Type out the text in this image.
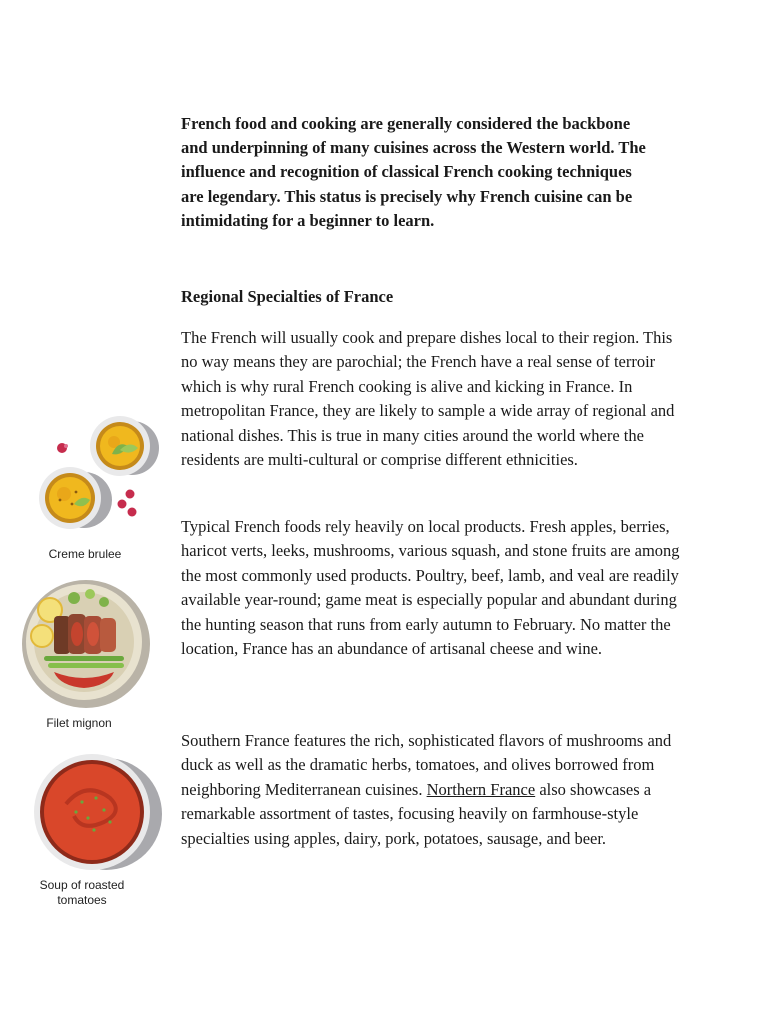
French food and cooking are generally considered the backbone and underpinning of many cuisines across the Western world. The influence and recognition of classical French cooking techniques are legendary. This status is precisely why French cuisine can be intimidating for a beginner to learn.

Regional Specialties of France

The French will usually cook and prepare dishes local to their region. This no way means they are parochial; the French have a real sense of terroir which is why rural French cooking is alive and kicking in France. In metropolitan France, they are likely to sample a wide array of regional and national dishes. This is true in many cities around the world where the residents are multi-cultural or comprise different ethnicities.

Typical French foods rely heavily on local products. Fresh apples, berries, haricot verts, leeks, mushrooms, various squash, and stone fruits are among the most commonly used products. Poultry, beef, lamb, and veal are readily available year-round; game meat is especially popular and abundant during the hunting season that runs from early autumn to February. No matter the location, France has an abundance of artisanal cheese and wine.

Southern France features the rich, sophisticated flavors of mushrooms and duck as well as the dramatic herbs, tomatoes, and olives borrowed from neighboring Mediterranean cuisines. Northern France also showcases a remarkable assortment of tastes, focusing heavily on farmhouse-style specialties using apples, dairy, pork, potatoes, sausage, and beer.

Creme brulee
Filet mignon
Soup of roasted
tomatoes
